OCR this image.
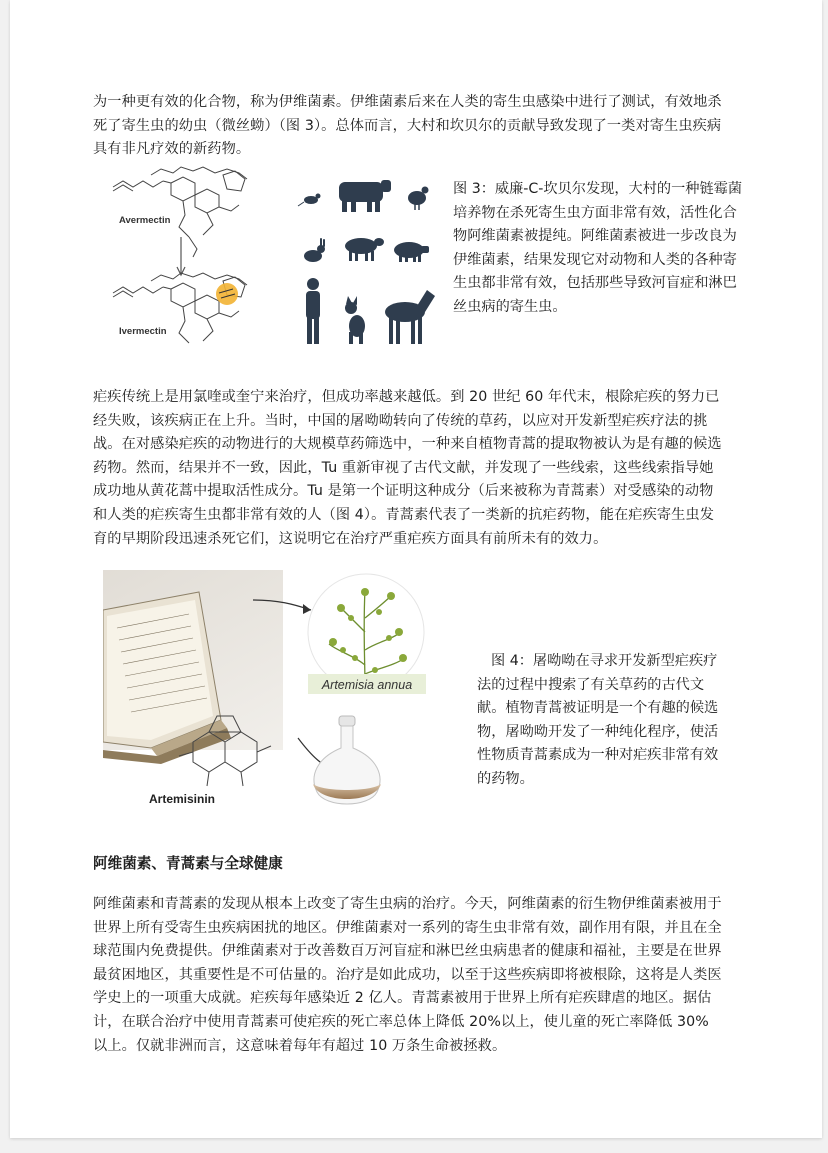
为一种更有效的化合物，称为伊维菌素。伊维菌素后来在人类的寄生虫感染中进行了测试，有效地杀死了寄生虫的幼虫（微丝蚴）（图 3）。总体而言，大村和坎贝尔的贡献导致发现了一类对寄生虫疾病具有非凡疗效的新药物。

Avermectin
Ivermectin

图 3：威廉-C-坎贝尔发现，大村的一种链霉菌培养物在杀死寄生虫方面非常有效，活性化合物阿维菌素被提纯。阿维菌素被进一步改良为伊维菌素，结果发现它对动物和人类的各种寄生虫都非常有效，包括那些导致河盲症和淋巴丝虫病的寄生虫。

疟疾传统上是用氯喹或奎宁来治疗，但成功率越来越低。到 20 世纪 60 年代末，根除疟疾的努力已经失败，该疾病正在上升。当时，中国的屠呦呦转向了传统的草药，以应对开发新型疟疾疗法的挑战。在对感染疟疾的动物进行的大规模草药筛选中，一种来自植物青蒿的提取物被认为是有趣的候选药物。然而，结果并不一致，因此，Tu 重新审视了古代文献，并发现了一些线索，这些线索指导她成功地从黄花蒿中提取活性成分。Tu 是第一个证明这种成分（后来被称为青蒿素）对受感染的动物和人类的疟疾寄生虫都非常有效的人（图 4）。青蒿素代表了一类新的抗疟药物，能在疟疾寄生虫发育的早期阶段迅速杀死它们，这说明它在治疗严重疟疾方面具有前所未有的效力。

Artemisia annua
Artemisinin

图 4：屠呦呦在寻求开发新型疟疾疗法的过程中搜索了有关草药的古代文献。植物青蒿被证明是一个有趣的候选物，屠呦呦开发了一种纯化程序，使活性物质青蒿素成为一种对疟疾非常有效的药物。

阿维菌素、青蒿素与全球健康

阿维菌素和青蒿素的发现从根本上改变了寄生虫病的治疗。今天，阿维菌素的衍生物伊维菌素被用于世界上所有受寄生虫疾病困扰的地区。伊维菌素对一系列的寄生虫非常有效，副作用有限，并且在全球范围内免费提供。伊维菌素对于改善数百万河盲症和淋巴丝虫病患者的健康和福祉，主要是在世界最贫困地区，其重要性是不可估量的。治疗是如此成功，以至于这些疾病即将被根除，这将是人类医学史上的一项重大成就。疟疾每年感染近 2 亿人。青蒿素被用于世界上所有疟疾肆虐的地区。据估计，在联合治疗中使用青蒿素可使疟疾的死亡率总体上降低 20%以上，使儿童的死亡率降低 30%以上。仅就非洲而言，这意味着每年有超过 10 万条生命被拯救。
